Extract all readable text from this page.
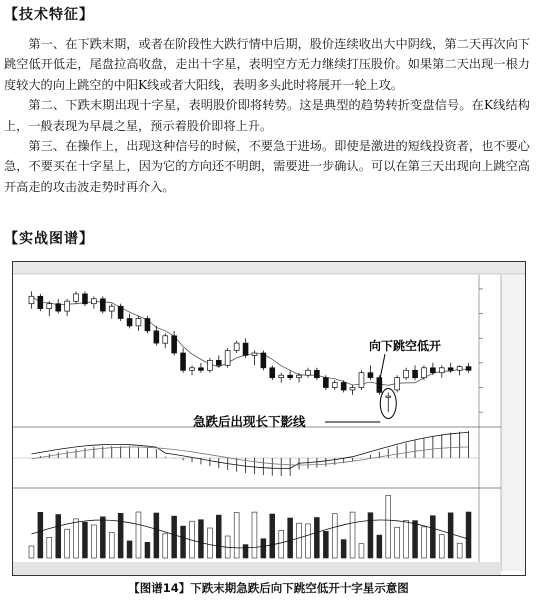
【技术特征】

第一、在下跌末期，或者在阶段性大跌行情中后期，股价连续收出大中阴线，第二天再次向下跳空低开低走，尾盘拉高收盘，走出十字星，表明空方无力继续打压股价。如果第二天出现一根力度较大的向上跳空的中阳K线或者大阳线，表明多头此时将展开一轮上攻。

第二、下跌末期出现十字星，表明股价即将转势。这是典型的趋势转折变盘信号。在K线结构上，一般表现为早晨之星，预示着股价即将上升。

第三、在操作上，出现这种信号的时候，不要急于进场。即使是激进的短线投资者，也不要心急，不要买在十字星上，因为它的方向还不明朗，需要进一步确认。可以在第三天出现向上跳空高开高走的攻击波走势时再介入。

【实战图谱】
向下跳空低开
急跌后出现长下影线
【图谱14】下跌末期急跌后向下跳空低开十字星示意图
